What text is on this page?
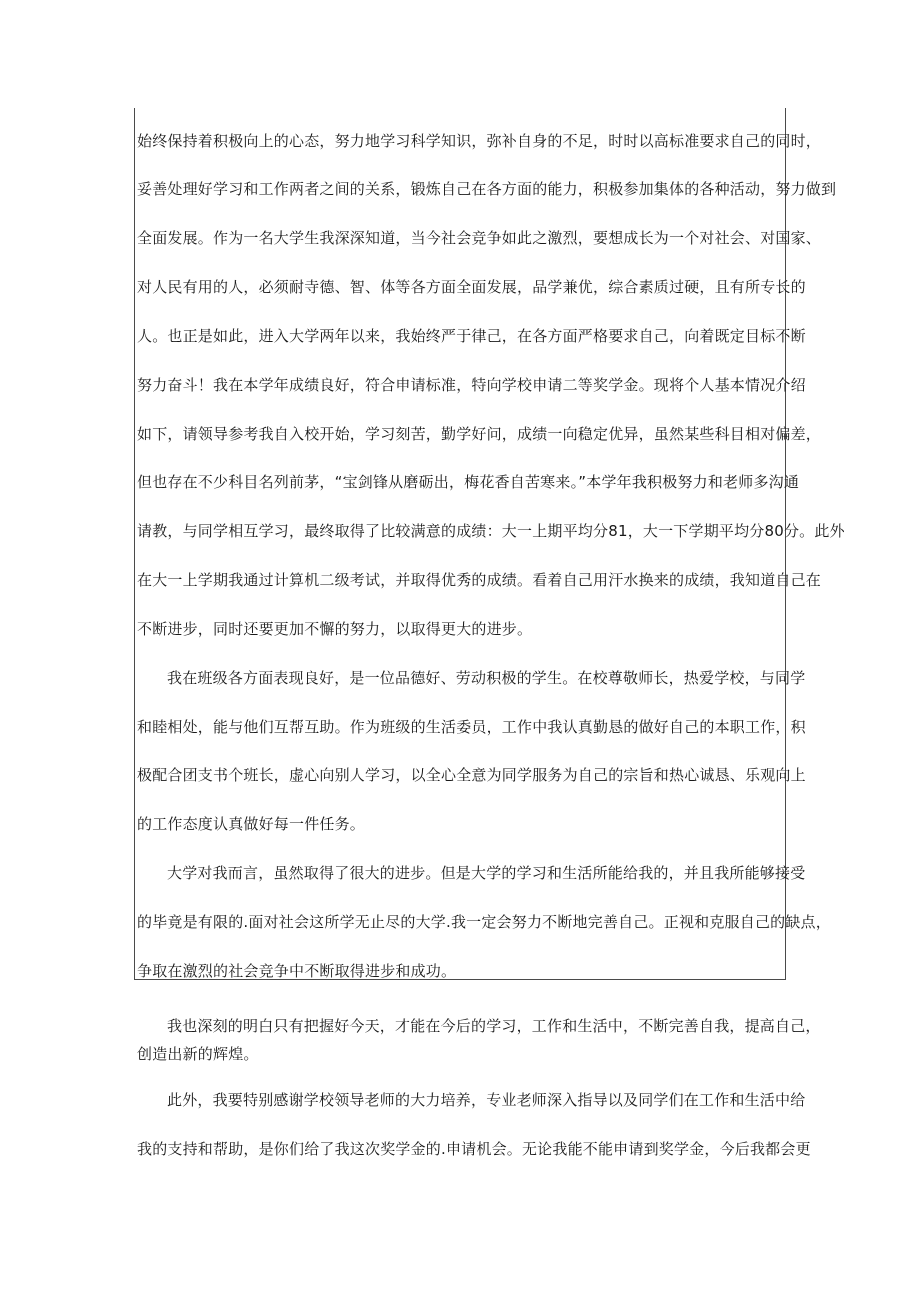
始终保持着积极向上的心态，努力地学习科学知识，弥补自身的不足，时时以高标准要求自己的同时，
妥善处理好学习和工作两者之间的关系，锻炼自己在各方面的能力，积极参加集体的各种活动，努力做到
全面发展。作为一名大学生我深深知道，当今社会竞争如此之激烈，要想成长为一个对社会、对国家、
对人民有用的人，必须耐寺德、智、体等各方面全面发展，品学兼优，综合素质过硬，且有所专长的
人。也正是如此，进入大学两年以来，我始终严于律己，在各方面严格要求自己，向着既定目标不断
努力奋斗！我在本学年成绩良好，符合申请标准，特向学校申请二等奖学金。现将个人基本情况介绍
如下，请领导参考我自入校开始，学习刻苦，勤学好问，成绩一向稳定优异，虽然某些科目相对偏差，
但也存在不少科目名列前茅，“宝剑锋从磨砺出，梅花香自苦寒来。”本学年我积极努力和老师多沟通
请教，与同学相互学习，最终取得了比较满意的成绩：大一上期平均分81，大一下学期平均分80分。此外
在大一上学期我通过计算机二级考试，并取得优秀的成绩。看着自己用汗水换来的成绩，我知道自己在
不断进步，同时还要更加不懈的努力，以取得更大的进步。
我在班级各方面表现良好，是一位品德好、劳动积极的学生。在校尊敬师长，热爱学校，与同学
和睦相处，能与他们互帮互助。作为班级的生活委员，工作中我认真勤恳的做好自己的本职工作，积
极配合团支书个班长，虚心向别人学习，以全心全意为同学服务为自己的宗旨和热心诚恳、乐观向上
的工作态度认真做好每一件任务。
大学对我而言，虽然取得了很大的进步。但是大学的学习和生活所能给我的，并且我所能够接受
的毕竟是有限的.面对社会这所学无止尽的大学.我一定会努力不断地完善自己。正视和克服自己的缺点，
争取在激烈的社会竞争中不断取得进步和成功。
我也深刻的明白只有把握好今天，才能在今后的学习，工作和生活中，不断完善自我，提高自己，
创造出新的辉煌。
此外，我要特别感谢学校领导老师的大力培养，专业老师深入指导以及同学们在工作和生活中给
我的支持和帮助，是你们给了我这次奖学金的.申请机会。无论我能不能申请到奖学金，今后我都会更
